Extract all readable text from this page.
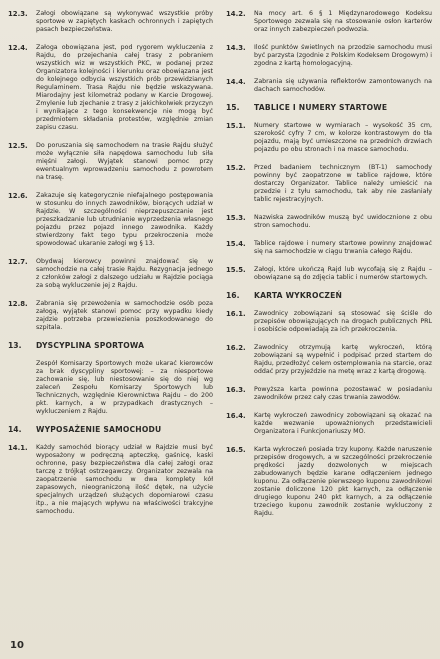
12.3.	Załogi obowiązane są wykonywać wszystkie próby sportowe w zapiętych kaskach ochronnych i zapiętych pasach bezpieczeństwa.
12.4.	Załoga obowiązana jest, pod rygorem wykluczenia z Rajdu, do przejechania całej trasy z pobraniem wszystkich wiz w wszystkich PKC, w podanej przez Organizatora kolejności i kierunku oraz obowiązana jest do kolejnego odbycia wszystkich prób przewidzianych Regulaminem. Trasa Rajdu nie będzie wskazywana. Miarodajny jest kilometraż podany w Karcie Drogowej. Zmylenie lub zjechanie z trasy z jakichkolwiek przyczyn i wynikające z tego konsekwencje nie mogą być przedmiotem składania protestów, względnie zmian zapisu czasu.
12.5.	Do poruszania się samochodem na trasie Rajdu służyć może wyłącznie siła napędowa samochodu lub siła mięśni załogi. Wyjątek stanowi pomoc przy ewentualnym wprowadzeniu samochodu z powrotem na trasę.
12.6.	Zakazuje się kategorycznie niefajalnego postępowania w stosunku do innych zawodników, biorących udział w Rajdzie. W szczególności nieprzepuszczanie jest przeszkadzanie lub utrudnianie wyprzedzenia własnego pojazdu przez pojazd innego zawodnika. Każdy stwierdzony fakt tego typu przekroczenia może spowodować ukaranie załogi wg § 13.
12.7.	Obydwaj kierowcy powinni znajdować się w samochodzie na całej trasie Rajdu. Rezygnacja jednego z członków załogi z dalszego udziału w Rajdzie pociąga za sobą wykluczenie jej z Rajdu.
12.8.	Zabrania się przewożenia w samochodzie osób poza załogą, wyjątek stanowi pomoc przy wypadku kiedy zajdzie potrzeba przewiezienia poszkodowanego do szpitala.
13.	DYSCYPLINA SPORTOWA
Zespół Komisarzy Sportowych może ukarać kierowców za brak dyscypliny sportowej: – za niesportowe zachowanie się, lub niestosowanie się do niej wg zaleceń Zespołu Komisarzy Sportowych lub Technicznych, względnie Kierownictwa Rajdu – do 200 pkt. karnych, a w przypadkach drastycznych – wykluczeniem z Rajdu.
14.	WYPOSAŻENIE SAMOCHODU
14.1.	Każdy samochód biorący udział w Rajdzie musi być wyposażony w podręczną apteczkę, gaśnicę, kaski ochronne, pasy bezpieczeństwa dla całej załogi oraz tarczę z trójkąt ostrzegawczy. Organizator zezwala na zaopatrzenie samochodu w dwa komplety kół zapasowych, nieograniczoną ilość dętek, na użycie specjalnych urządzeń służących dopomiarowi czasu itp., a nie mających wpływu na właściwości trakcyjne samochodu.
14.2.	Na mocy art. 6 § 1 Międzynarodowego Kodeksu Sportowego zezwala się na stosowanie osłon karterów oraz innych zabezpieczeń podwozia.
14.3.	Ilość punktów świetlnych na przodzie samochodu musi być parzysta (zgodnie z Polskim Kodeksem Drogowym) i zgodna z kartą homologacyjną.
14.4.	Zabrania się używania reflektorów zamontowanych na dachach samochodów.
15.	TABLICE I NUMERY STARTOWE
15.1.	Numery startowe w wymiarach – wysokość 35 cm, szerokość cyfry 7 cm, w kolorze kontrastowym do tła pojazdu, mają być umieszczone na przednich drzwiach pojazdu po obu stronach i na masce samochodu.
15.2.	Przed badaniem technicznym (BT-1) samochody powinny być zaopatrzone w tablice rajdowe, które dostarczy Organizator. Tablice należy umieścić na przedzie i z tyłu samochodu, tak aby nie zasłaniały tablic rejestracyjnych.
15.3.	Nazwiska zawodników muszą być uwidocznione z obu stron samochodu.
15.4.	Tablice rajdowe i numery startowe powinny znajdować się na samochodzie w ciągu trwania całego Rajdu.
15.5.	Załogi, które ukończą Rajd lub wycofają się z Rajdu – obowiązane są do zdjęcia tablic i numerów startowych.
16.	KARTA WYKROCZEŃ
16.1.	Zawodnicy zobowiązani są stosować się ściśle do przepisów obowiązujących na drogach publicznych PRL i osobiście odpowiadają za ich przekroczenia.
16.2.	Zawodnicy otrzymują kartę wykroczeń, którą zobowiązani są wypełnić i podpisać przed startem do Rajdu, przedłożyć celem ostemplowania na starcie, oraz oddać przy przyjeździe na metę wraz z kartą drogową.
16.3.	Powyższa karta powinna pozostawać w posiadaniu zawodników przez cały czas trwania zawodów.
16.4.	Kartę wykroczeń zawodnicy zobowiązani są okazać na każde wezwanie upoważnionych przedstawicieli Organizatora i Funkcjonariuszy MO.
16.5.	Karta wykroczeń posiada trzy kupony. Każde naruszenie przepisów drogowych, a w szczególności przekroczenie prędkości jazdy dozwolonych w miejscach zabudowanych będzie karane odłączeniem jednego kuponu. Za odłączenie pierwszego kuponu zawodnikowi zostanie doliczone 120 pkt karnych, za odłączenie drugiego kuponu 240 pkt karnych, a za odłączenie trzeciego kuponu zawodnik zostanie wykluczony z Rajdu.
10
